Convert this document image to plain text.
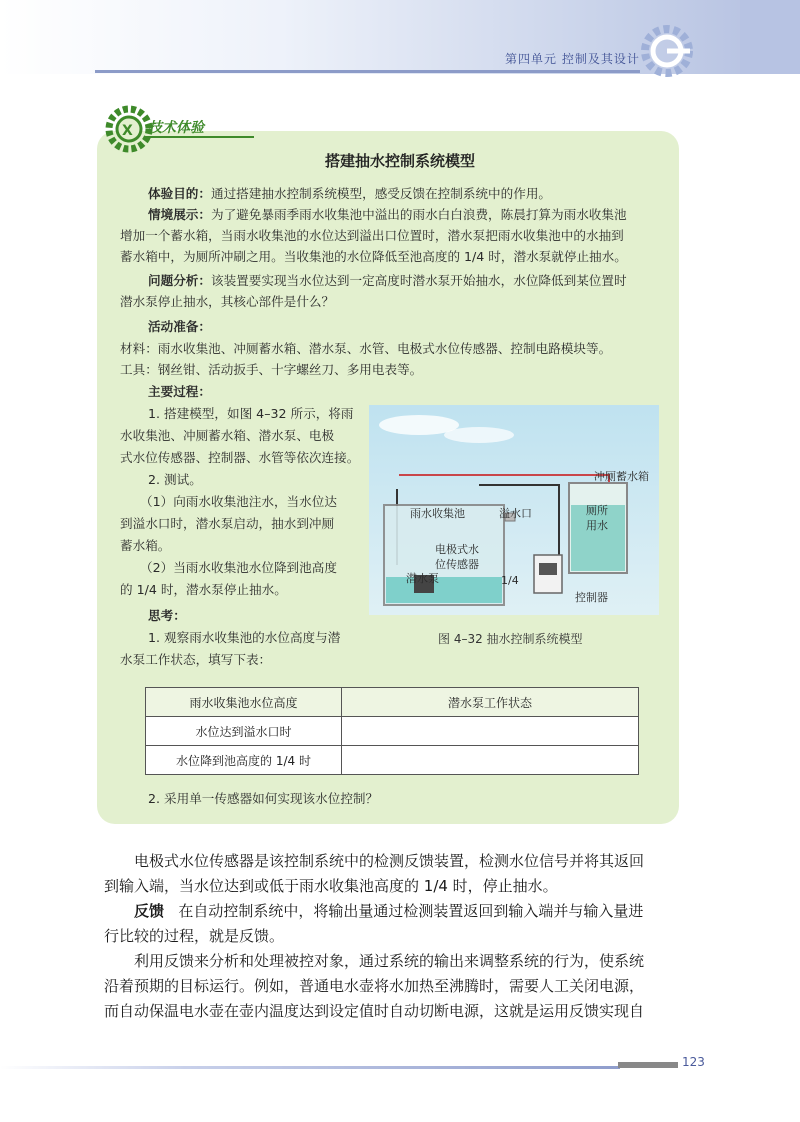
第四单元 控制及其设计
X 技术体验
搭建抽水控制系统模型
体验目的：通过搭建抽水控制系统模型，感受反馈在控制系统中的作用。
情境展示：为了避免暴雨季雨水收集池中溢出的雨水白白浪费，陈晨打算为雨水收集池
增加一个蓄水箱，当雨水收集池的水位达到溢出口位置时，潜水泵把雨水收集池中的水抽到
蓄水箱中，为厕所冲刷之用。当收集池的水位降低至池高度的 1/4 时，潜水泵就停止抽水。
问题分析：该装置要实现当水位达到一定高度时潜水泵开始抽水，水位降低到某位置时
潜水泵停止抽水，其核心部件是什么？
活动准备：
材料：雨水收集池、冲厕蓄水箱、潜水泵、水管、电极式水位传感器、控制电路模块等。
工具：钢丝钳、活动扳手、十字螺丝刀、多用电表等。
主要过程：
1. 搭建模型，如图 4–32 所示，将雨
水收集池、冲厕蓄水箱、潜水泵、电极
式水位传感器、控制器、水管等依次连接。
2. 测试。
（1）向雨水收集池注水，当水位达
到溢水口时，潜水泵启动，抽水到冲厕
蓄水箱。
（2）当雨水收集池水位降到池高度
的 1/4 时，潜水泵停止抽水。
思考：
1. 观察雨水收集池的水位高度与潜
水泵工作状态，填写下表：
冲厕蓄水箱
厕所用水
雨水收集池	溢水口
电极式水位传感器
潜水泵	1/4
控制器
图 4–32 抽水控制系统模型
雨水收集池水位高度	潜水泵工作状态
水位达到溢水口时	
水位降到池高度的 1/4 时	
2. 采用单一传感器如何实现该水位控制？
电极式水位传感器是该控制系统中的检测反馈装置，检测水位信号并将其返回
到输入端，当水位达到或低于雨水收集池高度的 1/4 时，停止抽水。
反馈 在自动控制系统中，将输出量通过检测装置返回到输入端并与输入量进
行比较的过程，就是反馈。
利用反馈来分析和处理被控对象，通过系统的输出来调整系统的行为，使系统
沿着预期的目标运行。例如，普通电水壶将水加热至沸腾时，需要人工关闭电源，
而自动保温电水壶在壶内温度达到设定值时自动切断电源，这就是运用反馈实现自
123
